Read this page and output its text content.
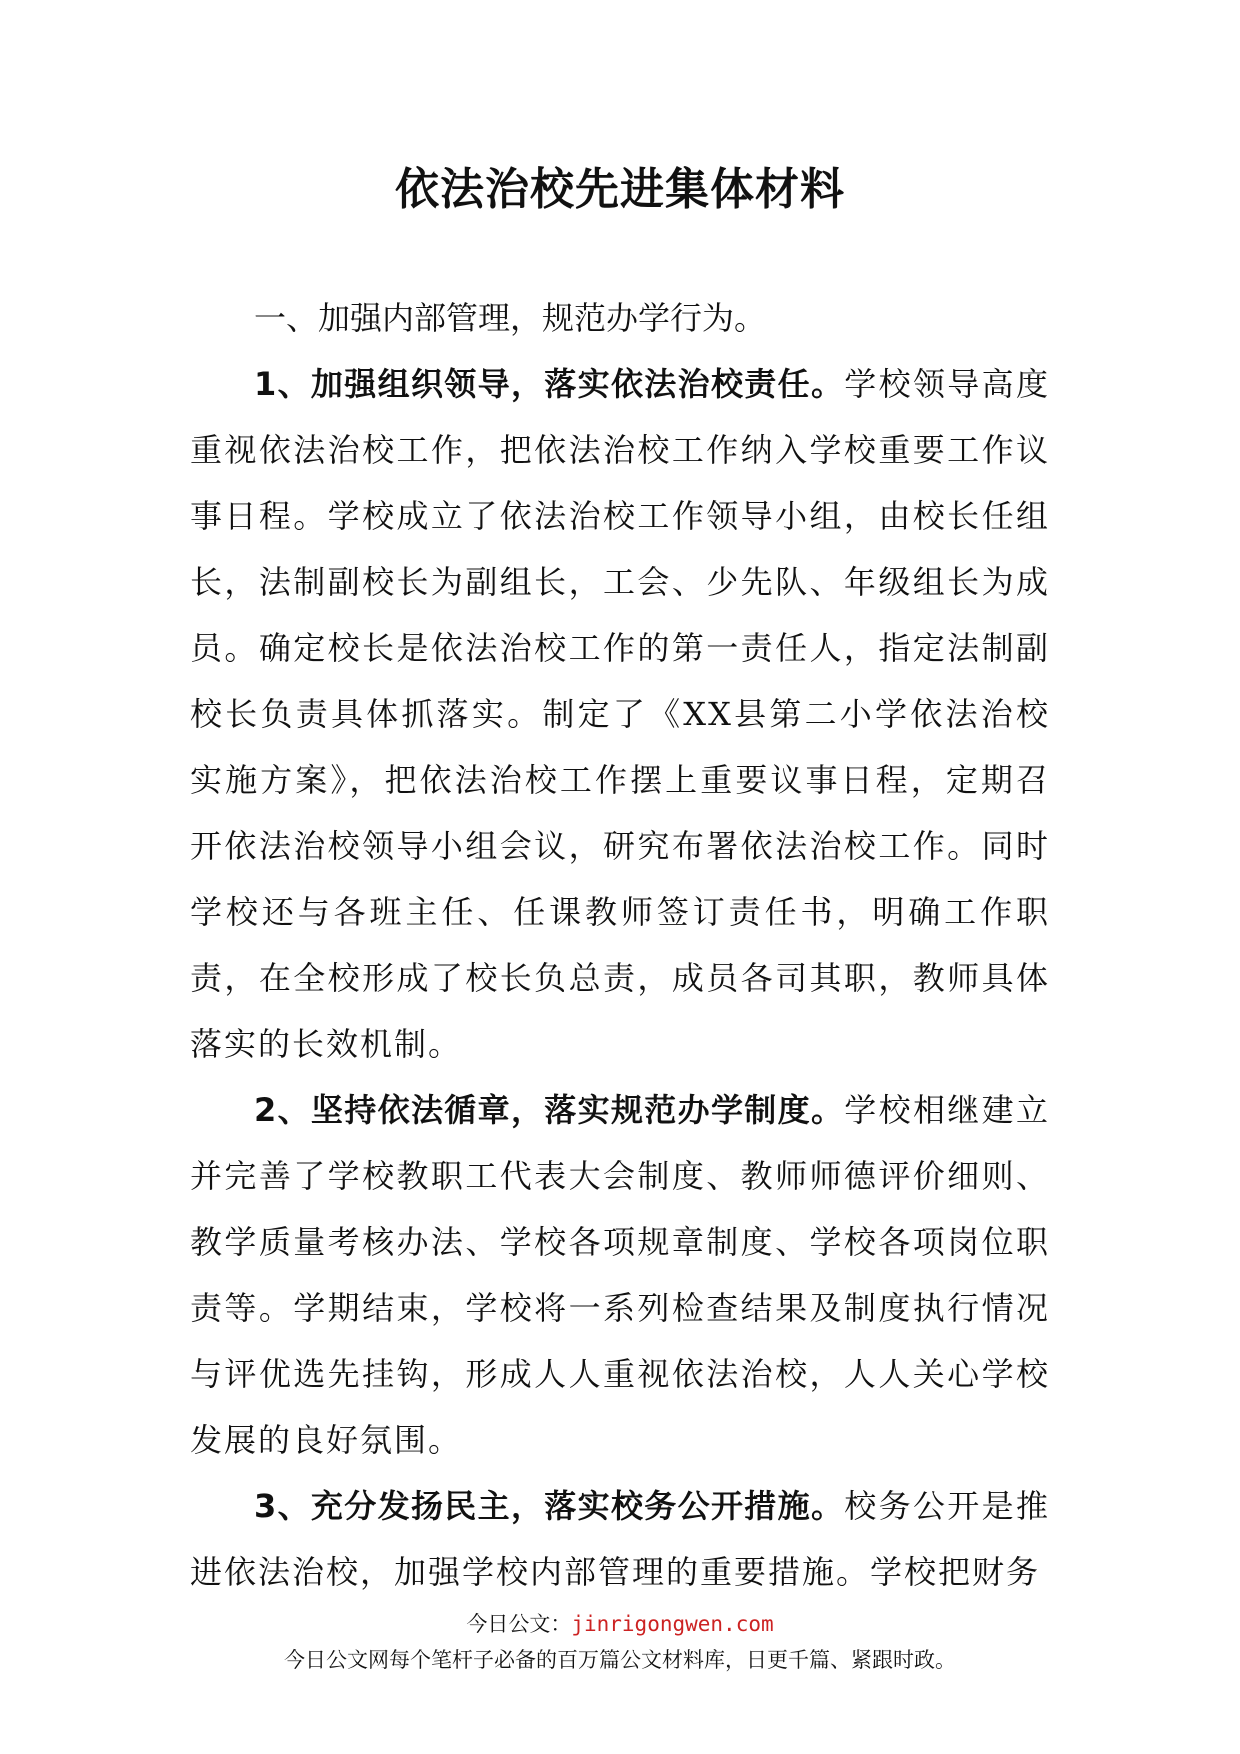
依法治校先进集体材料

一、加强内部管理，规范办学行为。

1、加强组织领导，落实依法治校责任。学校领导高度重视依法治校工作，把依法治校工作纳入学校重要工作议事日程。学校成立了依法治校工作领导小组，由校长任组长，法制副校长为副组长，工会、少先队、年级组长为成员。确定校长是依法治校工作的第一责任人，指定法制副校长负责具体抓落实。制定了《XX县第二小学依法治校实施方案》，把依法治校工作摆上重要议事日程，定期召开依法治校领导小组会议，研究布署依法治校工作。同时学校还与各班主任、任课教师签订责任书，明确工作职责，在全校形成了校长负总责，成员各司其职，教师具体落实的长效机制。

2、坚持依法循章，落实规范办学制度。学校相继建立并完善了学校教职工代表大会制度、教师师德评价细则、教学质量考核办法、学校各项规章制度、学校各项岗位职责等。学期结束，学校将一系列检查结果及制度执行情况与评优选先挂钩，形成人人重视依法治校，人人关心学校发展的良好氛围。

3、充分发扬民主，落实校务公开措施。校务公开是推进依法治校，加强学校内部管理的重要措施。学校把财务

今日公文：jinrigongwen.com
今日公文网每个笔杆子必备的百万篇公文材料库，日更千篇、紧跟时政。
